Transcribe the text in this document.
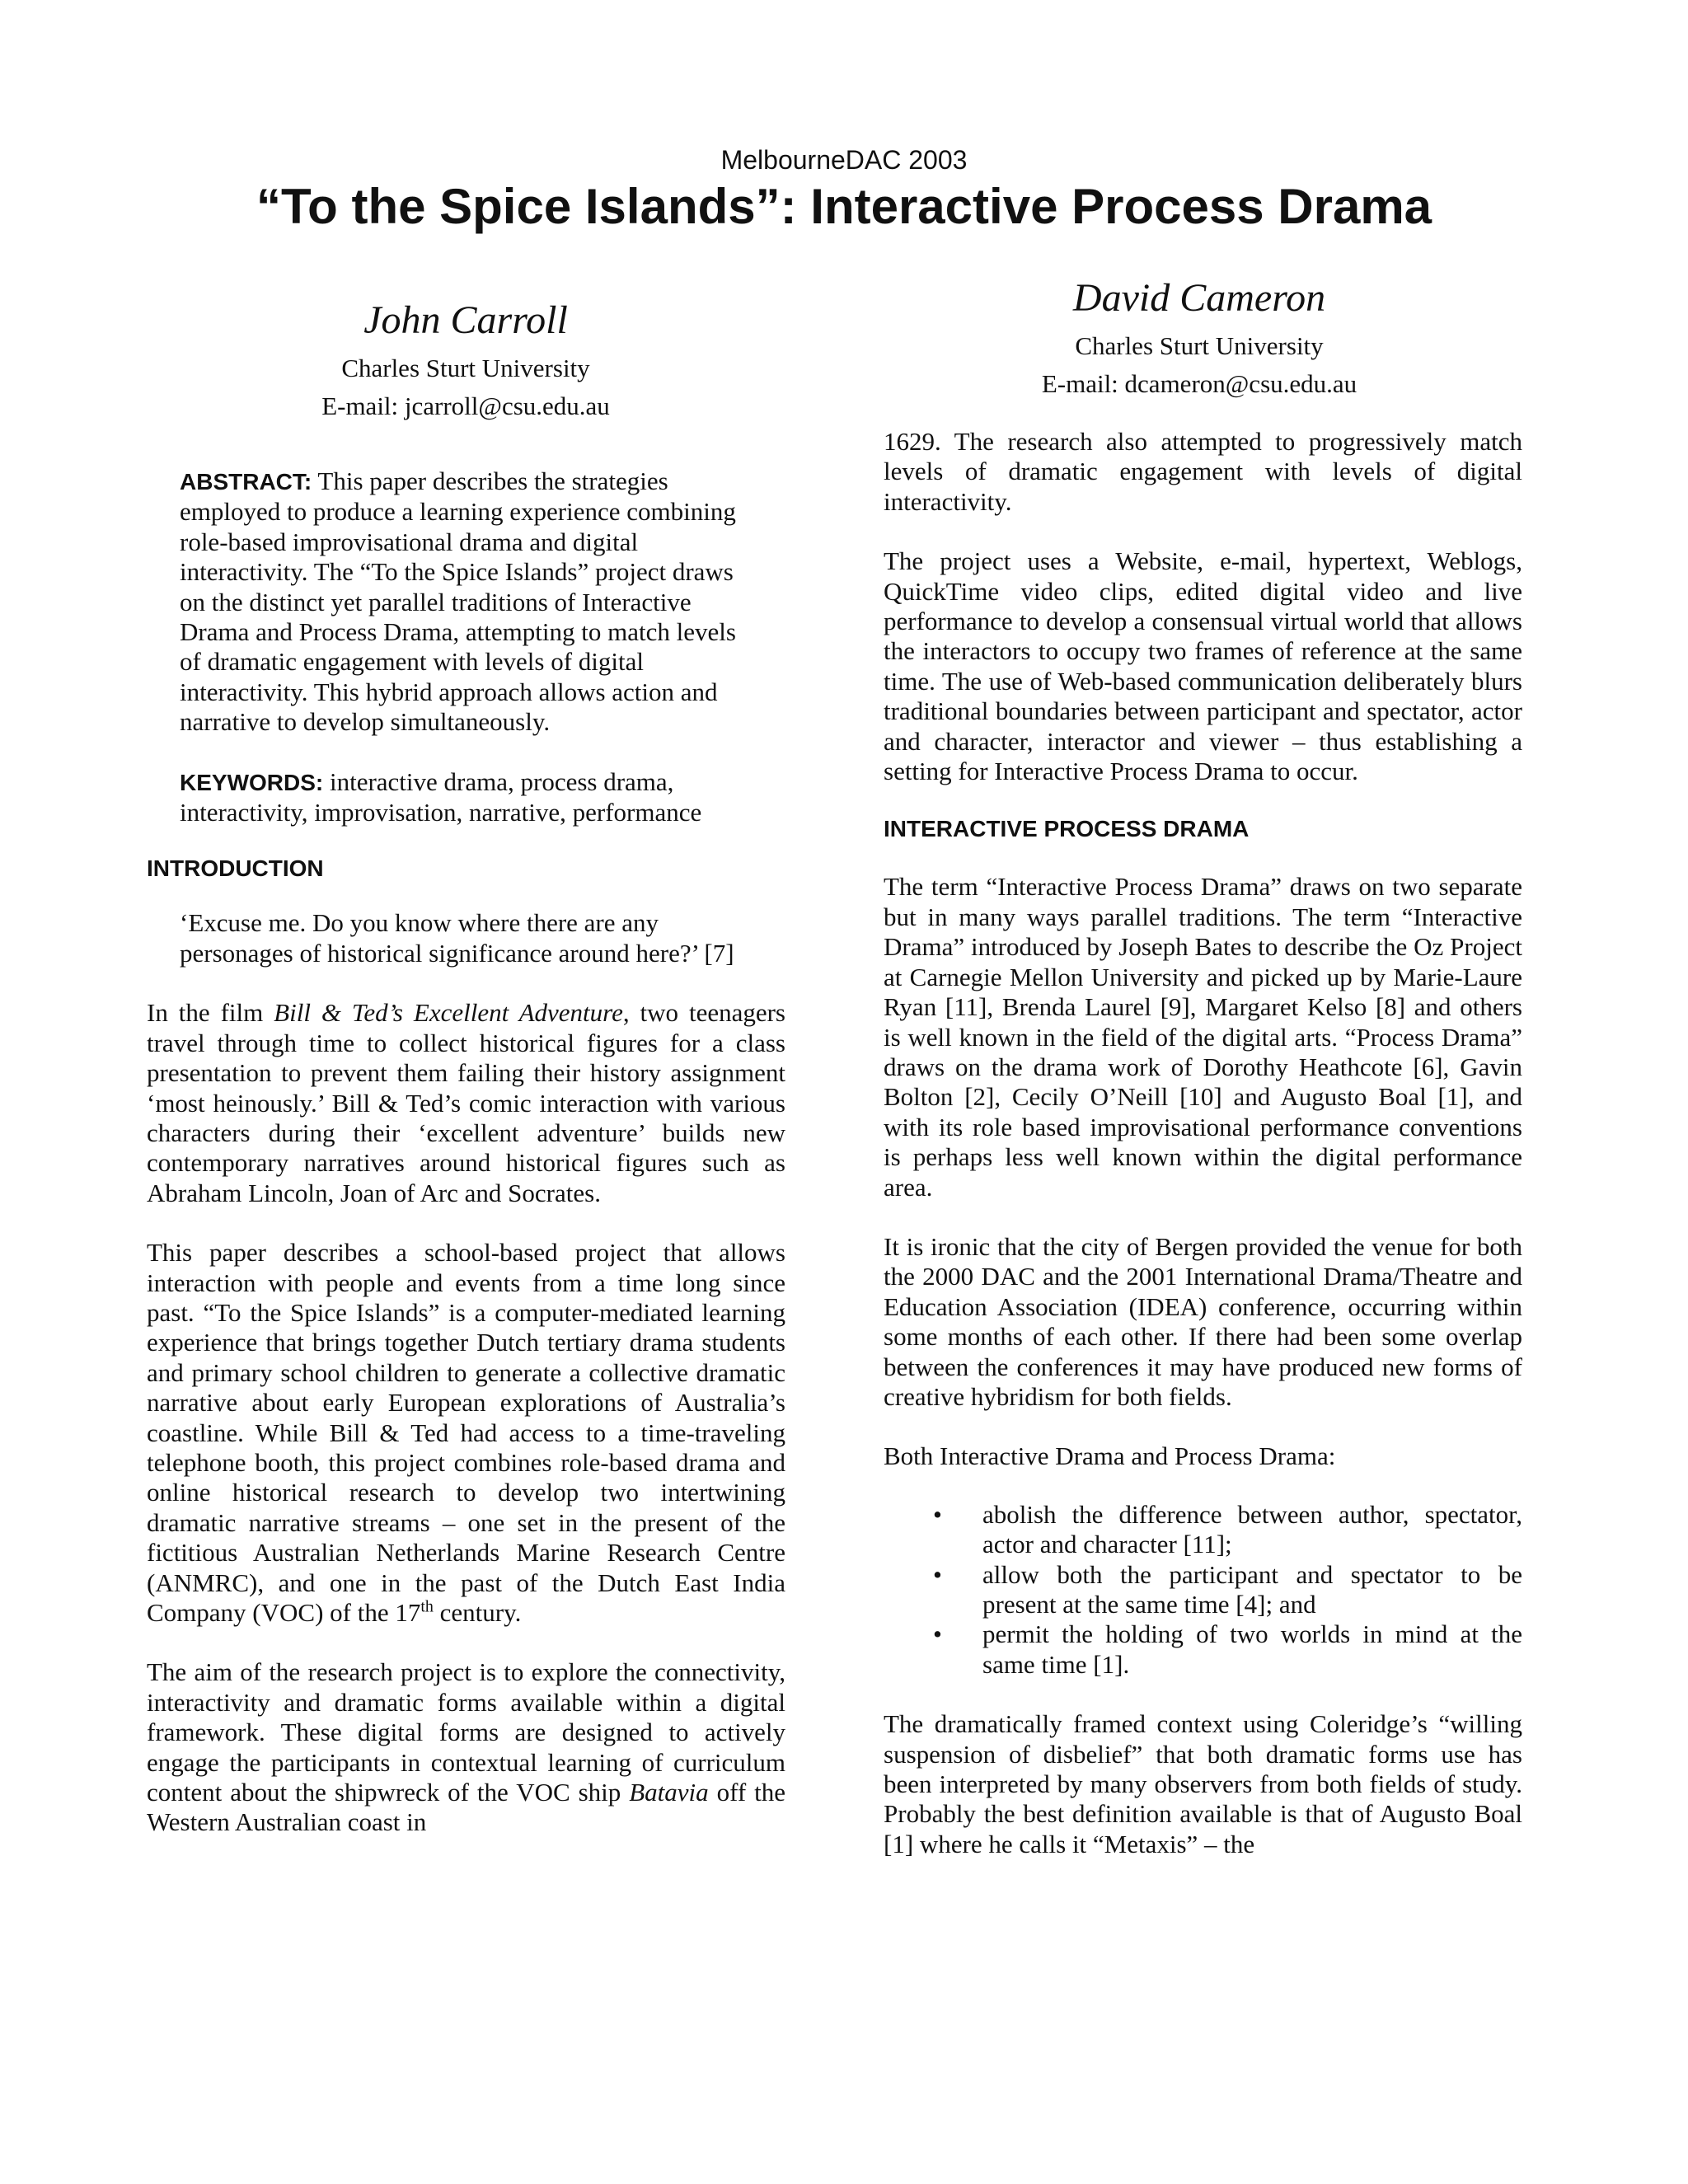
MelbourneDAC 2003
“To the Spice Islands”: Interactive Process Drama
John Carroll
Charles Sturt University
E-mail: jcarroll@csu.edu.au
David Cameron
Charles Sturt University
E-mail: dcameron@csu.edu.au

ABSTRACT: This paper describes the strategies employed to produce a learning experience combining role-based improvisational drama and digital interactivity. The “To the Spice Islands” project draws on the distinct yet parallel traditions of Interactive Drama and Process Drama, attempting to match levels of dramatic engagement with levels of digital interactivity. This hybrid approach allows action and narrative to develop simultaneously.

KEYWORDS: interactive drama, process drama, interactivity, improvisation, narrative, performance

INTRODUCTION

‘Excuse me. Do you know where there are any personages of historical significance around here?’ [7]

In the film Bill & Ted’s Excellent Adventure, two teenagers travel through time to collect historical figures for a class presentation to prevent them failing their history assignment ‘most heinously.’ Bill & Ted’s comic interaction with various characters during their ‘excellent adventure’ builds new contemporary narratives around historical figures such as Abraham Lincoln, Joan of Arc and Socrates.

This paper describes a school-based project that allows interaction with people and events from a time long since past. “To the Spice Islands” is a computer-mediated learning experience that brings together Dutch tertiary drama students and primary school children to generate a collective dramatic narrative about early European explorations of Australia’s coastline. While Bill & Ted had access to a time-traveling telephone booth, this project combines role-based drama and online historical research to develop two intertwining dramatic narrative streams – one set in the present of the fictitious Australian Netherlands Marine Research Centre (ANMRC), and one in the past of the Dutch East India Company (VOC) of the 17th century.

The aim of the research project is to explore the connectivity, interactivity and dramatic forms available within a digital framework. These digital forms are designed to actively engage the participants in contextual learning of curriculum content about the shipwreck of the VOC ship Batavia off the Western Australian coast in

1629. The research also attempted to progressively match levels of dramatic engagement with levels of digital interactivity.

The project uses a Website, e-mail, hypertext, Weblogs, QuickTime video clips, edited digital video and live performance to develop a consensual virtual world that allows the interactors to occupy two frames of reference at the same time. The use of Web-based communication deliberately blurs traditional boundaries between participant and spectator, actor and character, interactor and viewer – thus establishing a setting for Interactive Process Drama to occur.

INTERACTIVE PROCESS DRAMA

The term “Interactive Process Drama” draws on two separate but in many ways parallel traditions. The term “Interactive Drama” introduced by Joseph Bates to describe the Oz Project at Carnegie Mellon University and picked up by Marie-Laure Ryan [11], Brenda Laurel [9], Margaret Kelso [8] and others is well known in the field of the digital arts. “Process Drama” draws on the drama work of Dorothy Heathcote [6], Gavin Bolton [2], Cecily O’Neill [10] and Augusto Boal [1], and with its role based improvisational performance conventions is perhaps less well known within the digital performance area.

It is ironic that the city of Bergen provided the venue for both the 2000 DAC and the 2001 International Drama/Theatre and Education Association (IDEA) conference, occurring within some months of each other. If there had been some overlap between the conferences it may have produced new forms of creative hybridism for both fields.

Both Interactive Drama and Process Drama:

• abolish the difference between author, spectator, actor and character [11];
• allow both the participant and spectator to be present at the same time [4]; and
• permit the holding of two worlds in mind at the same time [1].

The dramatically framed context using Coleridge’s “willing suspension of disbelief” that both dramatic forms use has been interpreted by many observers from both fields of study. Probably the best definition available is that of Augusto Boal [1] where he calls it “Metaxis” – the
